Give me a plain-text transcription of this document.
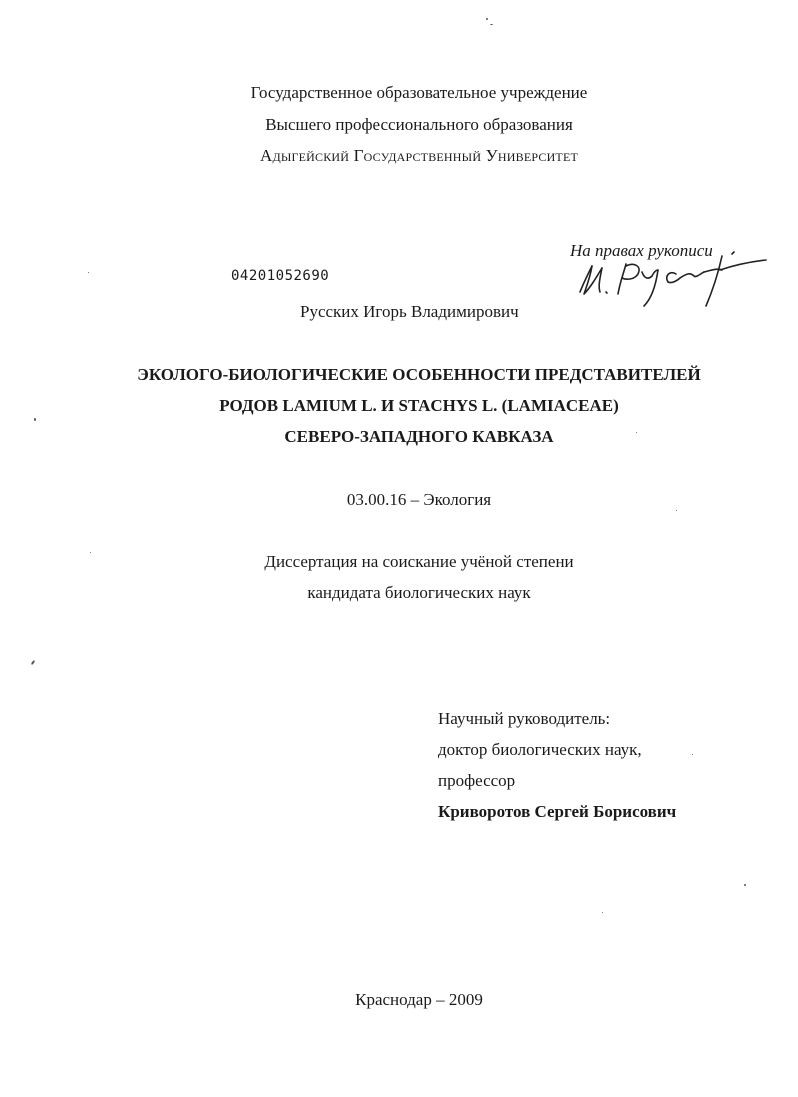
Государственное образовательное учреждение
Высшего профессионального образования
Адыгейский Государственный Университет
На правах рукописи
04201052690
Русских Игорь Владимирович
ЭКОЛОГО-БИОЛОГИЧЕСКИЕ ОСОБЕННОСТИ ПРЕДСТАВИТЕЛЕЙ
РОДОВ LAMIUM L. И STACHYS L. (LAMIACEAE)
СЕВЕРО-ЗАПАДНОГО КАВКАЗА
03.00.16 – Экология
Диссертация на соискание учёной степени
кандидата биологических наук
Научный руководитель:
доктор биологических наук,
профессор
Криворотов Сергей Борисович
Краснодар – 2009
